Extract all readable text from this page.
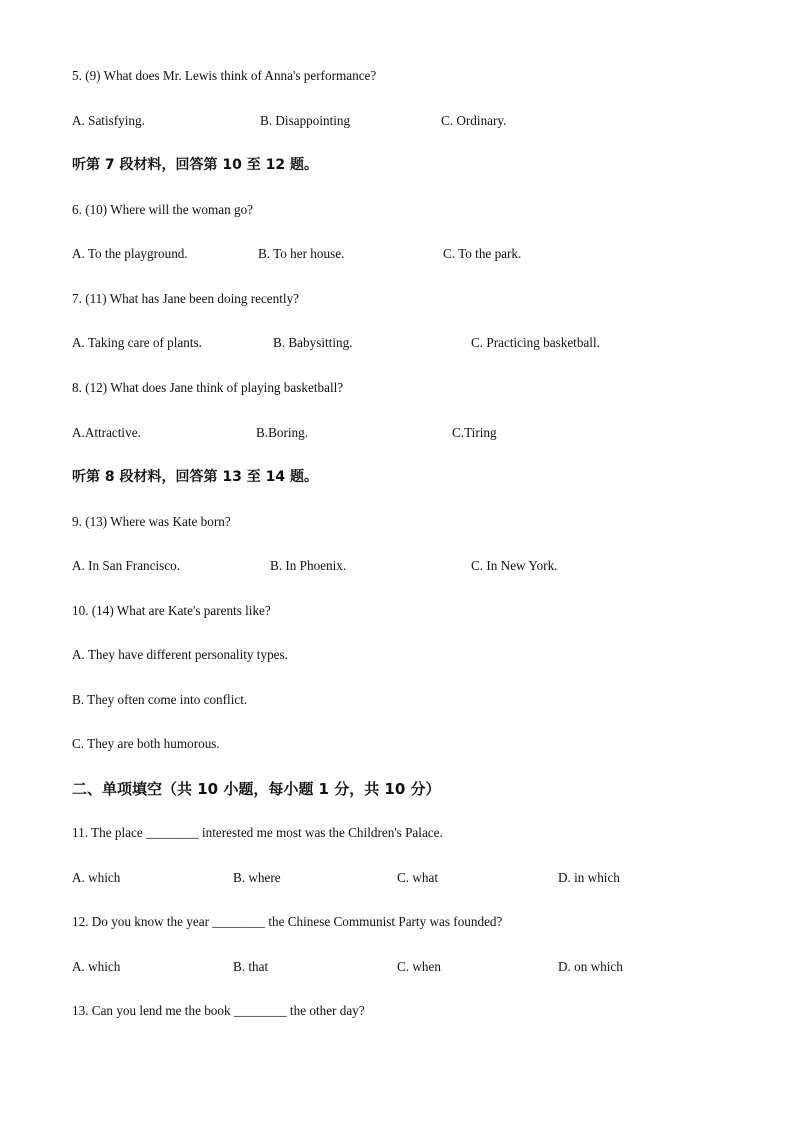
5. (9) What does Mr. Lewis think of Anna's performance?
A. Satisfying.	B. Disappointing	C. Ordinary.
听第 7 段材料，回答第 10 至 12 题。
6. (10) Where will the woman go?
A. To the playground.	B. To her house.	C. To the park.
7. (11) What has Jane been doing recently?
A. Taking care of plants.	B. Babysitting.	C. Practicing basketball.
8. (12) What does Jane think of playing basketball?
A.Attractive.	B.Boring.	C.Tiring
听第 8 段材料，回答第 13 至 14 题。
9. (13) Where was Kate born?
A. In San Francisco.	B. In Phoenix.	C. In New York.
10. (14) What are Kate's parents like?
A. They have different personality types.
B. They often come into conflict.
C. They are both humorous.
二、单项填空（共 10 小题，每小题 1 分，共 10 分）
11. The place ________ interested me most was the Children's Palace.
A. which	B. where	C. what	D. in which
12. Do you know the year ________ the Chinese Communist Party was founded?
A. which	B. that	C. when	D. on which
13. Can you lend me the book ________ the other day?
